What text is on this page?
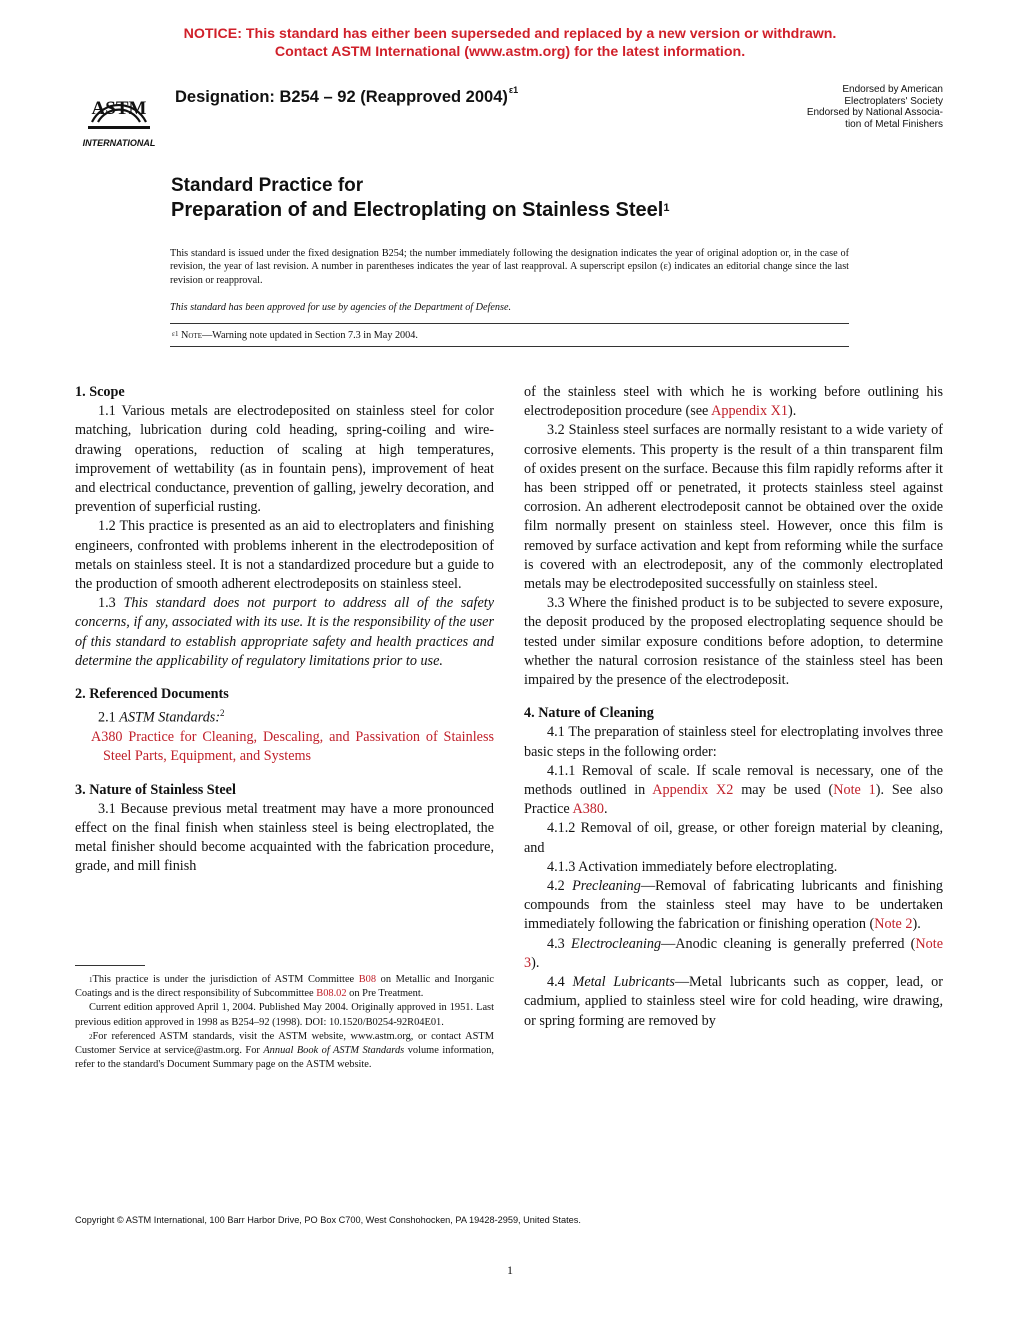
NOTICE: This standard has either been superseded and replaced by a new version or withdrawn.
Contact ASTM International (www.astm.org) for the latest information.
ASTM
INTERNATIONAL
Designation: B254 – 92 (Reapproved 2004)$^{\varepsilon 1}$	Endorsed by American
Electroplaters' Society
Endorsed by National Associa-
tion of Metal Finishers
Standard Practice for
Preparation of and Electroplating on Stainless Steel$^1$
This standard is issued under the fixed designation B254; the number immediately following the designation indicates the year of original adoption or, in the case of revision, the year of last revision. A number in parentheses indicates the year of last reapproval. A superscript epsilon (ε) indicates an editorial change since the last revision or reapproval.
This standard has been approved for use by agencies of the Department of Defense.
$^{\varepsilon 1}$ Note—Warning note updated in Section 7.3 in May 2004.
1. Scope

1.1 Various metals are electrodeposited on stainless steel for color matching, lubrication during cold heading, spring-coiling and wire-drawing operations, reduction of scaling at high temperatures, improvement of wettability (as in fountain pens), improvement of heat and electrical conductance, prevention of galling, jewelry decoration, and prevention of superficial rusting.

1.2 This practice is presented as an aid to electroplaters and finishing engineers, confronted with problems inherent in the electrodeposition of metals on stainless steel. It is not a standardized procedure but a guide to the production of smooth adherent electrodeposits on stainless steel.

1.3 This standard does not purport to address all of the safety concerns, if any, associated with its use. It is the responsibility of the user of this standard to establish appropriate safety and health practices and determine the applicability of regulatory limitations prior to use.

2. Referenced Documents

2.1 ASTM Standards:$^2$

A380 Practice for Cleaning, Descaling, and Passivation of Stainless Steel Parts, Equipment, and Systems

3. Nature of Stainless Steel

3.1 Because previous metal treatment may have a more pronounced effect on the final finish when stainless steel is being electroplated, the metal finisher should become acquainted with the fabrication procedure, grade, and mill finish

of the stainless steel with which he is working before outlining his electrodeposition procedure (see Appendix X1).

3.2 Stainless steel surfaces are normally resistant to a wide variety of corrosive elements. This property is the result of a thin transparent film of oxides present on the surface. Because this film rapidly reforms after it has been stripped off or penetrated, it protects stainless steel against corrosion. An adherent electrodeposit cannot be obtained over the oxide film normally present on stainless steel. However, once this film is removed by surface activation and kept from reforming while the surface is covered with an electrodeposit, any of the commonly electroplated metals may be electrodeposited successfully on stainless steel.

3.3 Where the finished product is to be subjected to severe exposure, the deposit produced by the proposed electroplating sequence should be tested under similar exposure conditions before adoption, to determine whether the natural corrosion resistance of the stainless steel has been impaired by the presence of the electrodeposit.

4. Nature of Cleaning

4.1 The preparation of stainless steel for electroplating involves three basic steps in the following order:

4.1.1 Removal of scale. If scale removal is necessary, one of the methods outlined in Appendix X2 may be used (Note 1). See also Practice A380.

4.1.2 Removal of oil, grease, or other foreign material by cleaning, and

4.1.3 Activation immediately before electroplating.

4.2 Precleaning—Removal of fabricating lubricants and finishing compounds from the stainless steel may have to be undertaken immediately following the fabrication or finishing operation (Note 2).

4.3 Electrocleaning—Anodic cleaning is generally preferred (Note 3).

4.4 Metal Lubricants—Metal lubricants such as copper, lead, or cadmium, applied to stainless steel wire for cold heading, wire drawing, or spring forming are removed by

$^1$This practice is under the jurisdiction of ASTM Committee B08 on Metallic and Inorganic Coatings and is the direct responsibility of Subcommittee B08.02 on Pre Treatment.

Current edition approved April 1, 2004. Published May 2004. Originally approved in 1951. Last previous edition approved in 1998 as B254–92 (1998). DOI: 10.1520/B0254-92R04E01.

$^2$For referenced ASTM standards, visit the ASTM website, www.astm.org, or contact ASTM Customer Service at service@astm.org. For Annual Book of ASTM Standards volume information, refer to the standard's Document Summary page on the ASTM website.

Copyright © ASTM International, 100 Barr Harbor Drive, PO Box C700, West Conshohocken, PA 19428-2959, United States.
1
